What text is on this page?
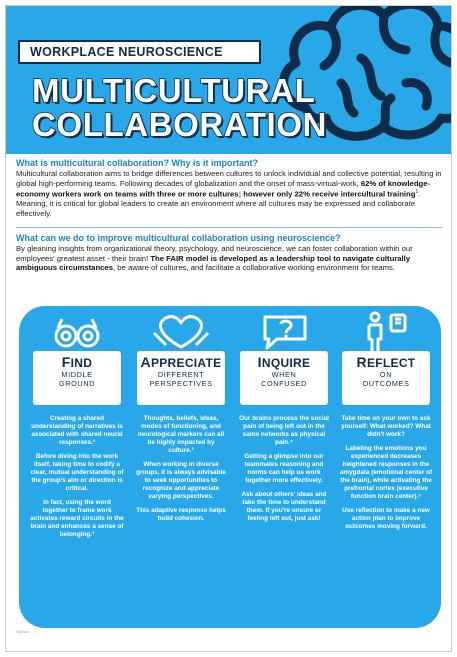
WORKPLACE NEUROSCIENCE
MULTICULTURAL
COLLABORATION
What is multicultural collaboration? Why is it important?
Multicultural collaboration aims to bridge differences between cultures to unlock individual and collective potential, resulting in global high-performing teams. Following decades of globalization and the onset of mass-virtual-work, 62% of knowledge-economy workers work on teams with three or more cultures; however only 22% receive intercultural training$^1$. Meaning, it is critical for global leaders to create an environment where all cultures may be expressed and collaborate effectively.
What can we do to improve multicultural collaboration using neuroscience?
By gleaning insights from organizational theory, psychology, and neuroscience, we can foster collaboration within our employees' greatest asset - their brain! The FAIR model is developed as a leadership tool to navigate culturally ambiguous circumstances, be aware of cultures, and facilitate a collaborative working environment for teams.
FIND
MIDDLE
GROUND
Creating a shared understanding of narratives is associated with shared neural responses.²
Before diving into the work itself, taking time to codify a clear, mutual understanding of the group's aim or direction is critical.
In fact, using the word together to frame work activates reward circuits in the brain and enhances a sense of belonging.³
APPRECIATE
DIFFERENT
PERSPECTIVES
Thoughts, beliefs, ideas, modes of functioning, and neurological markers can all be highly impacted by culture.³
When working in diverse groups, it is always advisable to seek opportunities to recognize and appreciate varying perspectives.
This adaptive response helps build cohesion.
INQUIRE
WHEN
CONFUSED
Our brains process the social pain of being left out in the same networks as physical pain.⁴
Getting a glimpse into our teammates reasoning and norms can help us work together more effectively.
Ask about others' ideas and take the time to understand them. If you're unsure or feeling left out, just ask!
REFLECT
ON
OUTCOMES
Take time on your own to ask yourself: What worked? What didn't work?
Labeling the emotions you experienced decreases heightened responses in the amygdala (emotional center of the brain), while activating the prefrontal cortex (executive function brain center).⁵
Use reflection to make a new action plan to improve outcomes moving forward.
Sources
